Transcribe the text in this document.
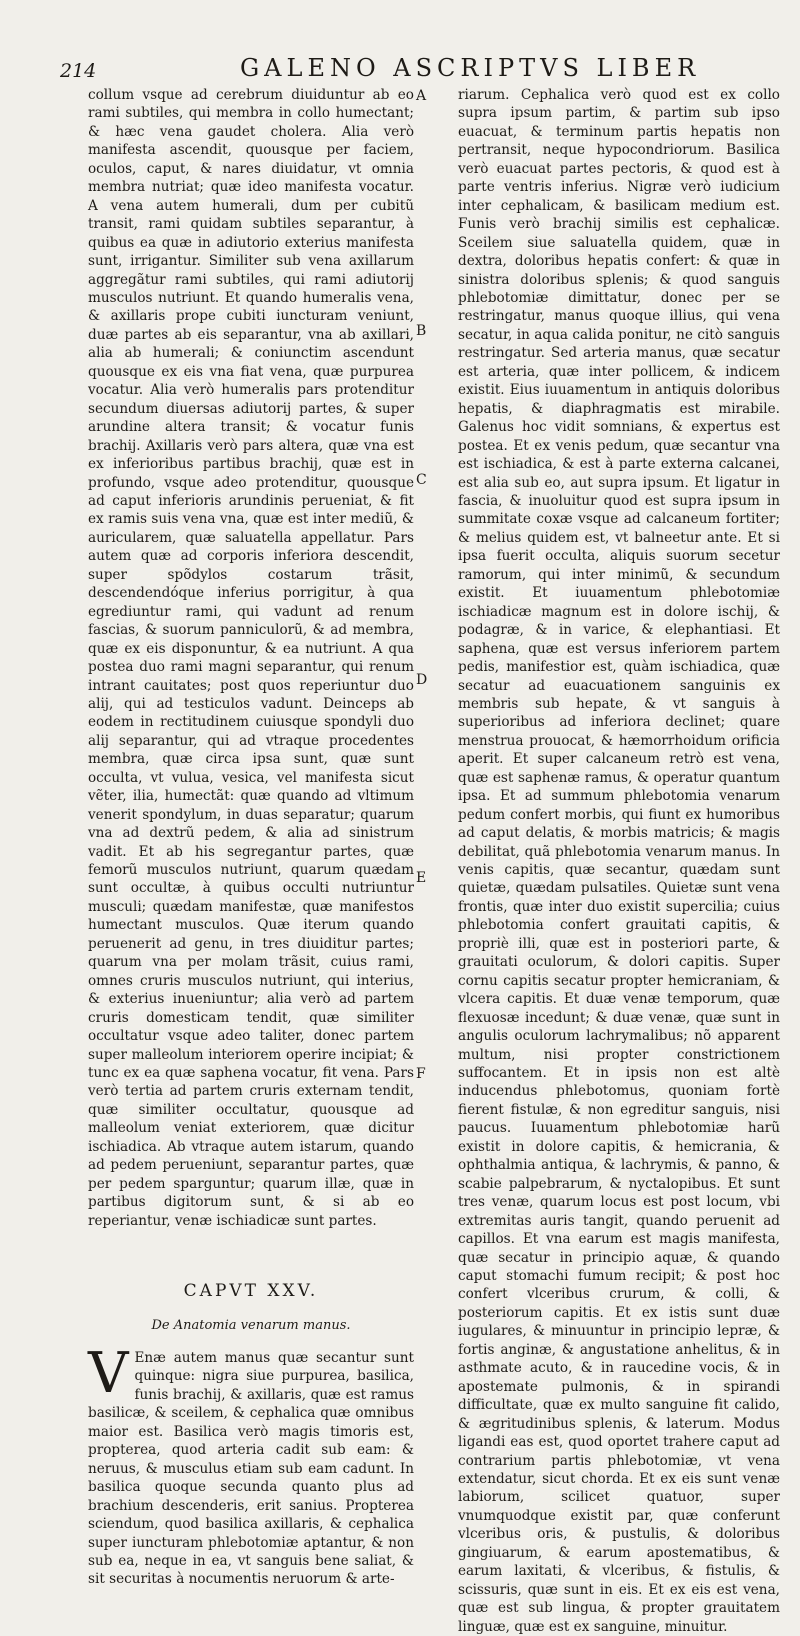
214	GALENO ASCRIPTVS LIBER
A
B
C
D
E
F

collum vsque ad cerebrum diuiduntur ab eo rami subtiles, qui membra in collo humectant; & hæc vena gaudet cholera. Alia verò manifesta ascendit, quousque per faciem, oculos, caput, & nares diuidatur, vt omnia membra nutriat; quæ ideo manifesta vocatur. A vena autem humerali, dum per cubitũ transit, rami quidam subtiles separantur, à quibus ea quæ in adiutorio exterius manifesta sunt, irrigantur. Similiter sub vena axillarum aggregãtur rami subtiles, qui rami adiutorij musculos nutriunt. Et quando humeralis vena, & axillaris prope cubiti iuncturam veniunt, duæ partes ab eis separantur, vna ab axillari, alia ab humerali; & coniunctim ascendunt quousque ex eis vna fiat vena, quæ purpurea vocatur. Alia verò humeralis pars protenditur secundum diuersas adiutorij partes, & super arundine altera transit; & vocatur funis brachij. Axillaris verò pars altera, quæ vna est ex inferioribus partibus brachij, quæ est in profundo, vsque adeo protenditur, quousque ad caput inferioris arundinis perueniat, & fit ex ramis suis vena vna, quæ est inter mediũ, & auricularem, quæ saluatella appellatur. Pars autem quæ ad corporis inferiora descendit, super spõdylos costarum trãsit, descendendóque inferius porrigitur, à qua egrediuntur rami, qui vadunt ad renum fascias, & suorum panniculorũ, & ad membra, quæ ex eis disponuntur, & ea nutriunt. A qua postea duo rami magni separantur, qui renum intrant cauitates; post quos reperiuntur duo alij, qui ad testiculos vadunt. Deinceps ab eodem in rectitudinem cuiusque spondyli duo alij separantur, qui ad vtraque procedentes membra, quæ circa ipsa sunt, quæ sunt occulta, vt vulua, vesica, vel manifesta sicut vẽter, ilia, humectãt: quæ quando ad vltimum venerit spondylum, in duas separatur; quarum vna ad dextrũ pedem, & alia ad sinistrum vadit. Et ab his segregantur partes, quæ femorũ musculos nutriunt, quarum quædam sunt occultæ, à quibus occulti nutriuntur musculi; quædam manifestæ, quæ manifestos humectant musculos. Quæ iterum quando peruenerit ad genu, in tres diuiditur partes; quarum vna per molam trãsit, cuius rami, omnes cruris musculos nutriunt, qui interius, & exterius inueniuntur; alia verò ad partem cruris domesticam tendit, quæ similiter occultatur vsque adeo taliter, donec partem super malleolum interiorem operire incipiat; & tunc ex ea quæ saphena vocatur, fit vena. Pars verò tertia ad partem cruris externam tendit, quæ similiter occultatur, quousque ad malleolum veniat exteriorem, quæ dicitur ischiadica. Ab vtraque autem istarum, quando ad pedem perueniunt, separantur partes, quæ per pedem sparguntur; quarum illæ, quæ in partibus digitorum sunt, & si ab eo reperiantur, venæ ischiadicæ sunt partes.

CAPVT XXV.
De Anatomia venarum manus.

V Enæ autem manus quæ secantur sunt quinque: nigra siue purpurea, basilica, funis brachij, & axillaris, quæ est ramus basilicæ, & sceilem, & cephalica quæ omnibus maior est. Basilica verò magis timoris est, propterea, quod arteria cadit sub eam: & neruus, & musculus etiam sub eam cadunt. In basilica quoque secunda quanto plus ad brachium descenderis, erit sanius. Propterea sciendum, quod basilica axillaris, & cephalica super iuncturam phlebotomiæ aptantur, & non sub ea, neque in ea, vt sanguis bene saliat, & sit securitas à nocumentis neruorum & arte-

riarum. Cephalica verò quod est ex collo supra ipsum partim, & partim sub ipso euacuat, & terminum partis hepatis non pertransit, neque hypocondriorum. Basilica verò euacuat partes pectoris, & quod est à parte ventris inferius. Nigræ verò iudicium inter cephalicam, & basilicam medium est. Funis verò brachij similis est cephalicæ. Sceilem siue saluatella quidem, quæ in dextra, doloribus hepatis confert: & quæ in sinistra doloribus splenis; & quod sanguis phlebotomiæ dimittatur, donec per se restringatur, manus quoque illius, qui vena secatur, in aqua calida ponitur, ne citò sanguis restringatur. Sed arteria manus, quæ secatur est arteria, quæ inter pollicem, & indicem existit. Eius iuuamentum in antiquis doloribus hepatis, & diaphragmatis est mirabile. Galenus hoc vidit somnians, & expertus est postea. Et ex venis pedum, quæ secantur vna est ischiadica, & est à parte externa calcanei, est alia sub eo, aut supra ipsum. Et ligatur in fascia, & inuoluitur quod est supra ipsum in summitate coxæ vsque ad calcaneum fortiter; & melius quidem est, vt balneetur ante. Et si ipsa fuerit occulta, aliquis suorum secetur ramorum, qui inter minimũ, & secundum existit. Et iuuamentum phlebotomiæ ischiadicæ magnum est in dolore ischij, & podagræ, & in varice, & elephantiasi. Et saphena, quæ est versus inferiorem partem pedis, manifestior est, quàm ischiadica, quæ secatur ad euacuationem sanguinis ex membris sub hepate, & vt sanguis à superioribus ad inferiora declinet; quare menstrua prouocat, & hæmorrhoidum orificia aperit. Et super calcaneum retrò est vena, quæ est saphenæ ramus, & operatur quantum ipsa. Et ad summum phlebotomia venarum pedum confert morbis, qui fiunt ex humoribus ad caput delatis, & morbis matricis; & magis debilitat, quã phlebotomia venarum manus. In venis capitis, quæ secantur, quædam sunt quietæ, quædam pulsatiles. Quietæ sunt vena frontis, quæ inter duo existit supercilia; cuius phlebotomia confert grauitati capitis, & propriè illi, quæ est in posteriori parte, & grauitati oculorum, & dolori capitis. Super cornu capitis secatur propter hemicraniam, & vlcera capitis. Et duæ venæ temporum, quæ flexuosæ incedunt; & duæ venæ, quæ sunt in angulis oculorum lachrymalibus; nõ apparent multum, nisi propter constrictionem suffocantem. Et in ipsis non est altè inducendus phlebotomus, quoniam fortè fierent fistulæ, & non egreditur sanguis, nisi paucus. Iuuamentum phlebotomiæ harũ existit in dolore capitis, & hemicrania, & ophthalmia antiqua, & lachrymis, & panno, & scabie palpebrarum, & nyctalopibus. Et sunt tres venæ, quarum locus est post locum, vbi extremitas auris tangit, quando peruenit ad capillos. Et vna earum est magis manifesta, quæ secatur in principio aquæ, & quando caput stomachi fumum recipit; & post hoc confert vlceribus crurum, & colli, & posteriorum capitis. Et ex istis sunt duæ iugulares, & minuuntur in principio lepræ, & fortis anginæ, & angustatione anhelitus, & in asthmate acuto, & in raucedine vocis, & in apostemate pulmonis, & in spirandi difficultate, quæ ex multo sanguine fit calido, & ægritudinibus splenis, & laterum. Modus ligandi eas est, quod oportet trahere caput ad contrarium partis phlebotomiæ, vt vena extendatur, sicut chorda. Et ex eis sunt venæ labiorum, scilicet quatuor, super vnumquodque existit par, quæ conferunt vlceribus oris, & pustulis, & doloribus gingiuarum, & earum apostematibus, & earum laxitati, & vlceribus, & fistulis, & scissuris, quæ sunt in eis. Et ex eis est vena, quæ est sub lingua, & propter grauitatem linguæ, quæ est ex sanguine, minuitur.
